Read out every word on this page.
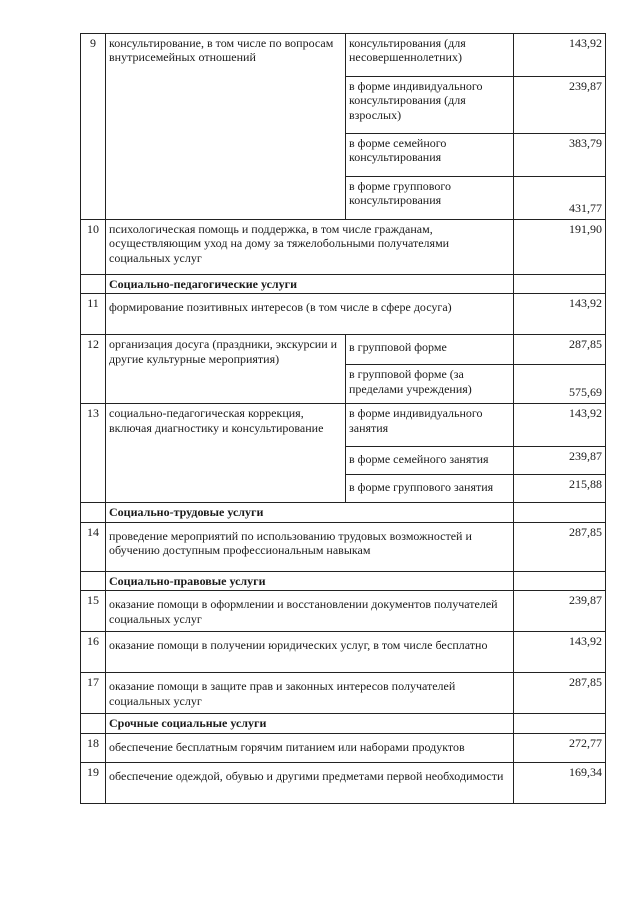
9	консультирование, в том числе по вопросам внутрисемейных отношений	консультирования (для несовершеннолетних)	143,92
		в форме индивидуального консультирования (для взрослых)	239,87
		в форме семейного консультирования	383,79
		в форме группового консультирования	431,77
10	психологическая помощь и поддержка, в том числе гражданам, осуществляющим уход на дому за тяжелобольными получателями социальных услуг		191,90
	Социально-педагогические услуги		
11	формирование позитивных интересов (в том числе в сфере досуга)		143,92
12	организация досуга (праздники, экскурсии и другие культурные мероприятия)	в групповой форме	287,85
		в групповой форме (за пределами учреждения)	575,69
13	социально-педагогическая коррекция, включая диагностику и консультирование	в форме индивидуального занятия	143,92
		в форме семейного занятия	239,87
		в форме группового занятия	215,88
	Социально-трудовые услуги		
14	проведение мероприятий по использованию трудовых возможностей и обучению доступным профессиональным навыкам		287,85
	Социально-правовые услуги		
15	оказание помощи в оформлении и восстановлении документов получателей социальных услуг		239,87
16	оказание помощи в получении юридических услуг, в том числе бесплатно		143,92
17	оказание помощи в защите прав и законных интересов получателей социальных услуг		287,85
	Срочные социальные услуги		
18	обеспечение бесплатным горячим питанием или наборами продуктов		272,77
19	обеспечение одеждой, обувью и другими предметами первой необходимости		169,34
